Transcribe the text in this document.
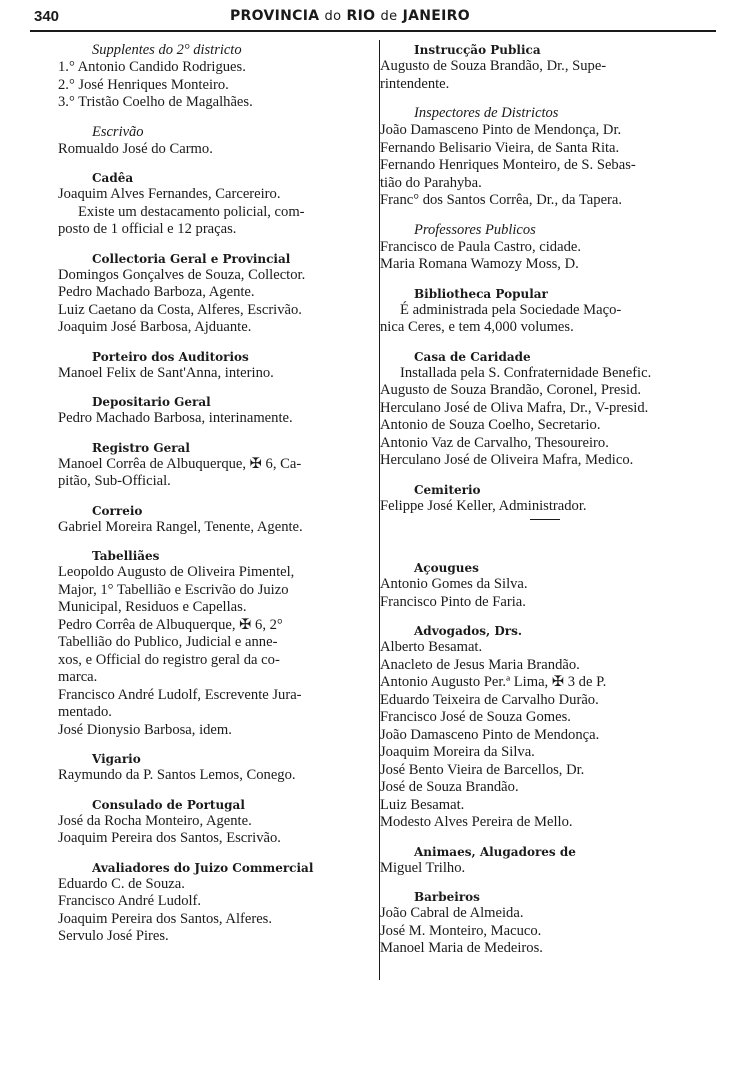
340	PROVINCIA do RIO de JANEIRO
Supplentes do 2° districto
1.° Antonio Candido Rodrigues.
2.° José Henriques Monteiro.
3.° Tristão Coelho de Magalhães.
Escrivão
Romualdo José do Carmo.
Cadêa
Joaquim Alves Fernandes, Carcereiro.
Existe um destacamento policial, com-
posto de 1 official e 12 praças.
Collectoria Geral e Provincial
Domingos Gonçalves de Souza, Collector.
Pedro Machado Barboza, Agente.
Luiz Caetano da Costa, Alferes, Escrivão.
Joaquim José Barbosa, Ajduante.
Porteiro dos Auditorios
Manoel Felix de Sant'Anna, interino.
Depositario Geral
Pedro Machado Barbosa, interinamente.
Registro Geral
Manoel Corrêa de Albuquerque, ✠ 6, Ca-
pitão, Sub-Official.
Correio
Gabriel Moreira Rangel, Tenente, Agente.
Tabelliães
Leopoldo Augusto de Oliveira Pimentel,
Major, 1° Tabellião e Escrivão do Juizo
Municipal, Residuos e Capellas.
Pedro Corrêa de Albuquerque, ✠ 6, 2°
Tabellião do Publico, Judicial e anne-
xos, e Official do registro geral da co-
marca.
Francisco André Ludolf, Escrevente Jura-
mentado.
José Dionysio Barbosa, idem.
Vigario
Raymundo da P. Santos Lemos, Conego.
Consulado de Portugal
José da Rocha Monteiro, Agente.
Joaquim Pereira dos Santos, Escrivão.
Avaliadores do Juizo Commercial
Eduardo C. de Souza.
Francisco André Ludolf.
Joaquim Pereira dos Santos, Alferes.
Servulo José Pires.
Instrucção Publica
Augusto de Souza Brandão, Dr., Supe-
rintendente.
Inspectores de Districtos
João Damasceno Pinto de Mendonça, Dr.
Fernando Belisario Vieira, de Santa Rita.
Fernando Henriques Monteiro, de S. Sebas-
tião do Parahyba.
Franc° dos Santos Corrêa, Dr., da Tapera.
Professores Publicos
Francisco de Paula Castro, cidade.
Maria Romana Wamozy Moss, D.
Bibliotheca Popular
É administrada pela Sociedade Maço-
nica Ceres, e tem 4,000 volumes.
Casa de Caridade
Installada pela S. Confraternidade Benefic.
Augusto de Souza Brandão, Coronel, Presid.
Herculano José de Oliva Mafra, Dr., V-presid.
Antonio de Souza Coelho, Secretario.
Antonio Vaz de Carvalho, Thesoureiro.
Herculano José de Oliveira Mafra, Medico.
Cemiterio
Felippe José Keller, Administrador.
Açougues
Antonio Gomes da Silva.
Francisco Pinto de Faria.
Advogados, Drs.
Alberto Besamat.
Anacleto de Jesus Maria Brandão.
Antonio Augusto Per.ª Lima, ✠ 3 de P.
Eduardo Teixeira de Carvalho Durão.
Francisco José de Souza Gomes.
João Damasceno Pinto de Mendonça.
Joaquim Moreira da Silva.
José Bento Vieira de Barcellos, Dr.
José de Souza Brandão.
Luiz Besamat.
Modesto Alves Pereira de Mello.
Animaes, Alugadores de
Miguel Trilho.
Barbeiros
João Cabral de Almeida.
José M. Monteiro, Macuco.
Manoel Maria de Medeiros.
